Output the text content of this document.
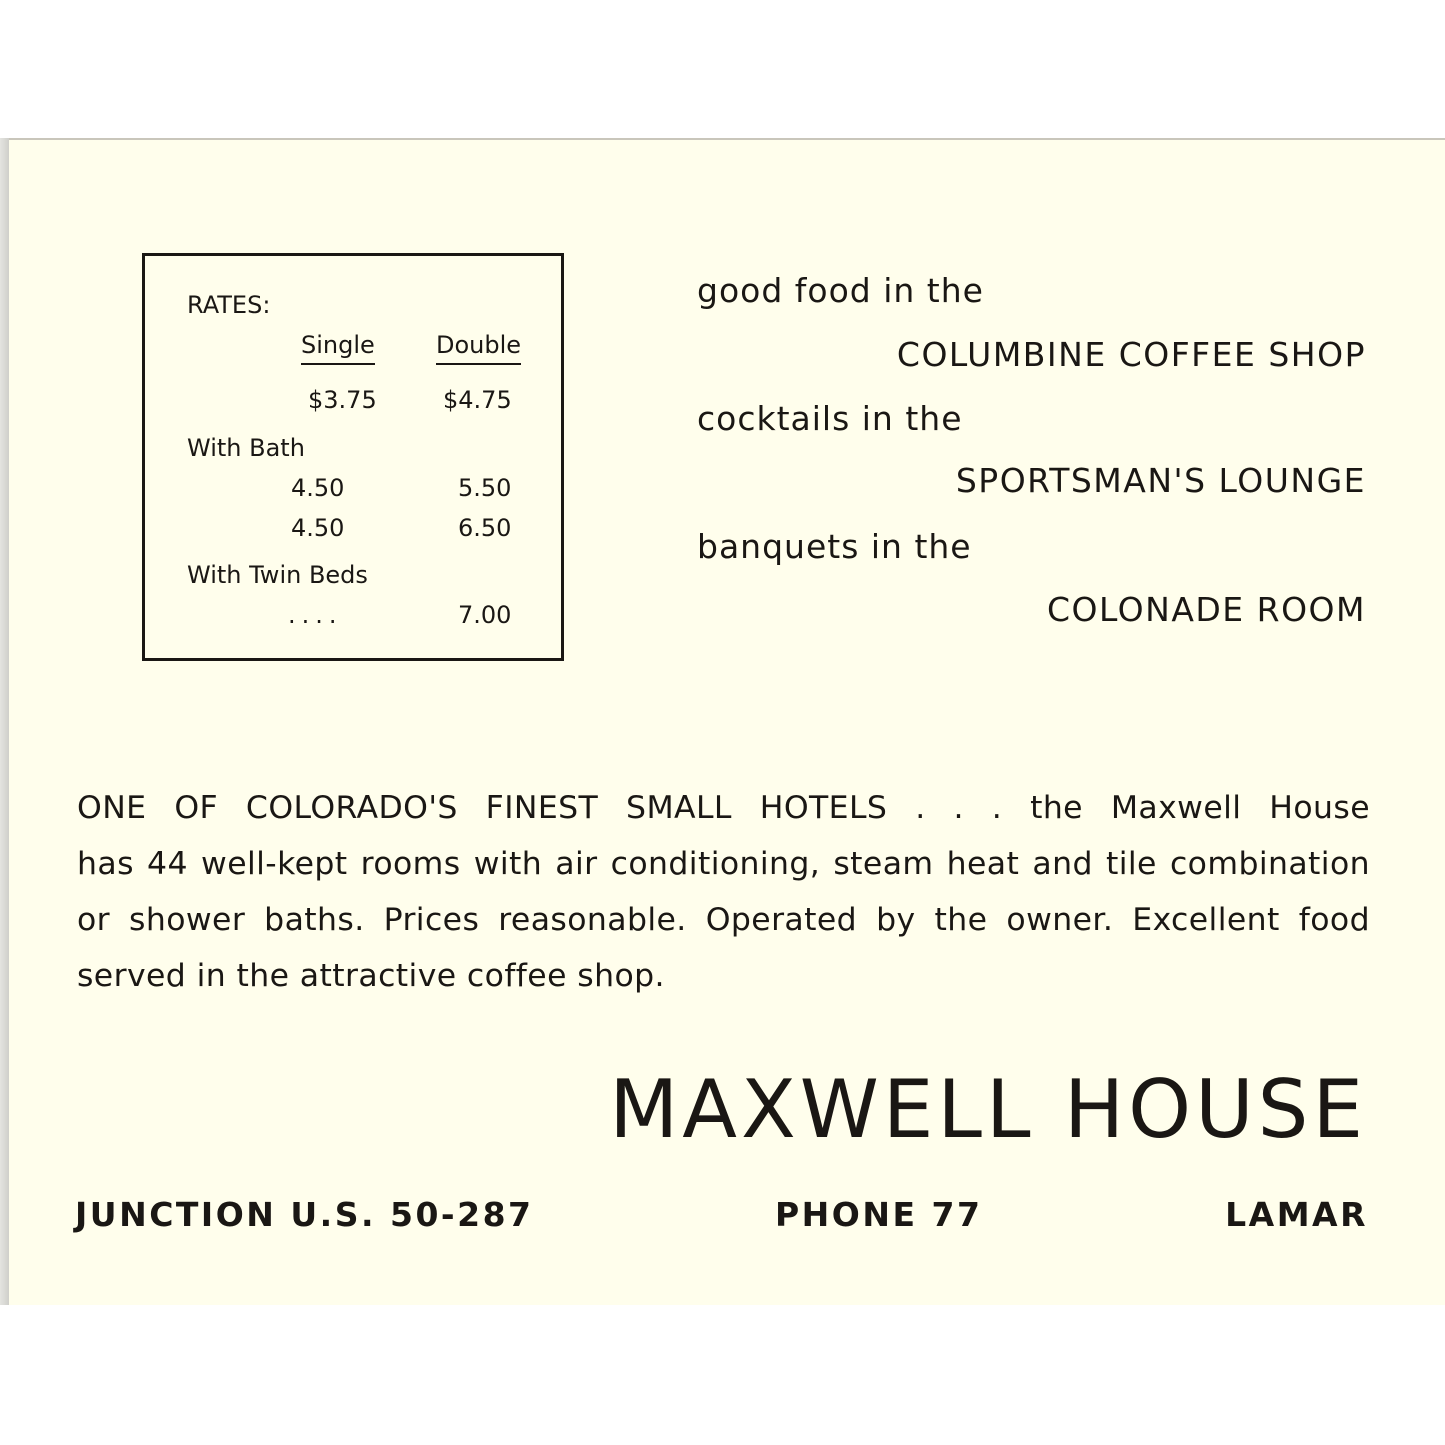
RATES:
Single	Double
$3.75	$4.75
With Bath
4.50	5.50
4.50	6.50
With Twin Beds
....	7.00
good food in the
COLUMBINE COFFEE SHOP
cocktails in the
SPORTSMAN'S LOUNGE
banquets in the
COLONADE ROOM
ONE OF COLORADO'S FINEST SMALL HOTELS . . . the Maxwell House
has 44 well-kept rooms with air conditioning, steam heat and tile combination
or shower baths. Prices reasonable. Operated by the owner. Excellent food
served in the attractive coffee shop.
MAXWELL HOUSE
JUNCTION U.S. 50-287	PHONE 77	LAMAR
